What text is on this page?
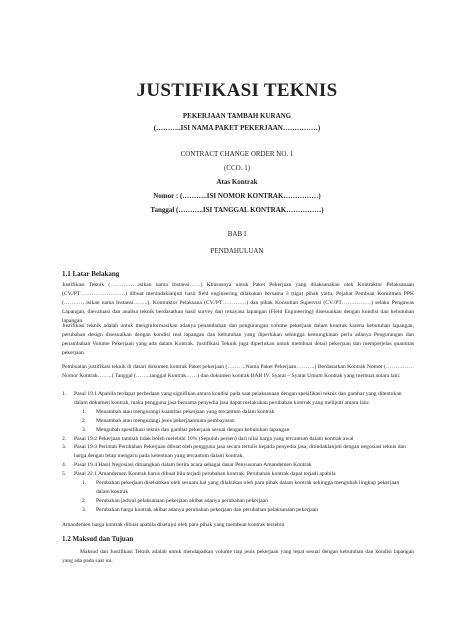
JUSTIFIKASI TEKNIS
PEKERJAAN TAMBAH KURANG
(………..ISI NAMA PAKET PEKERJAAN……………)
CONTRACT CHANGE ORDER NO. 1
(CCO. 1)
Atas Kontrak
Nomor : (………..ISI NOMOR KONTRAK……………)
Tanggal (………..ISI TANGGAL KONTRAK……………)
BAB I
PENDAHULUAN
1.1 Latar Belakang
Justifikasi Teknik (……………isikan nama Instansi……) Khususnya untuk Paket Pekerjaan yang dilaksanakan oleh Kontraktor Pelaksanaan (CV./PT……………………) dibuat menindaklanjuti hasil field engineering dilakukan bersama 3 (tiga) pihak yaitu, Pejabat Pembuat Komitmen PPK (…………isikan nama Instansi……..), Kontraktor Pelaksana (CV./PT………….) dan pihak Konsultan Supervisi (CV./PT…………….) selaku Pengawas Lapangan, dievaluasi dan analisa teknik berdasarkan hasil survey dan rekayasa lapangan (Field Engineering) disesuaikan dengan kondisi dan kebutuhan lapangan.
Justifikasi teknik adalah untuk menginformasikan adanya penambahan dan pengurangan volume pekerjaan dalam kontrak karena kebutuhan lapangan, perubahan design disesuaikan dengan kondisi real lapangan dan kebutuhan yang diperlukan sehingga kemungkinan perlu adanya Pengurangan dan penambahan Volume Pekerjaan yang ada dalam Kontrak. Justifikasi Teknik juga diperlukan untuk membuat detail pekerjaan dan memperjelas quantitas pekerjaan.
Pembuatan justifikasi teknik di dasari dokumen kontrak Paket pekerjaan (……….Nama Paket Pekerjaan……….) Berdasarkan Kontrak Nomor (……………Nomor Kontrak……..) Tanggal (……..tanggal Kontrak……) dan dokumen kontrak BAB IV. Syarat – Syarat Umum Kontrak yang memuat antara lain:
1.	Pasal 19.1 Apabila terdapat perbedaan yang signifikan antara kondisi pada saat pelaksanaan dengan spesifikasi teknis dan gambar yang ditentukan dalam dokumen kontrak, maka pengguna jasa bersama penyedia jasa dapat melakukan perubahan kontrak yang meliputi antara lain:
1.	Menambah atau mengurangi kuantitas pekerjaan yang tercantum dalam kontrak
2.	Menambah atau mengurangi jenis pekerjaanmata pembayaran
3.	Mengubah spesifikasi teknis dan gambar pekerjaan sesuai dengan kebutuhan lapangan
2.	Pasal 19.2 Pekerjaan tambah tidak boleh melebihi 10% (Sepuluh persen) dari nilai harga yang tercantum dalam kontrak awal
3.	Pasal 19.3 Perintah Perubahan Pekerjaan dibuat oleh pengguna jasa secara tertulis kepada penyedia jasa, ditindaklanjuti dengan negosiasi teknis dan harga dengan tetap mengacu pada ketentuan yang tercantum dalam kontrak.
4.	Pasal 19.4 Hasil Negosiasi dituangkan dalam berita acara sebagai dasar Penyusunan Amandemen Kontrak
5.	Pasal 22.1 Amandemen Kontrak harus dibuat bila terjadi perubahan kontrak. Perubahan kontrak dapat terjadi apabila
1.	Perubahan pekerjaan disebabkan oleh sesuatu hal yang dilakukan oleh para pihak dalam kontrak sehingga mengubah lingkup pekerjaan dalam kontrak
2.	Perubahan jadwal pelaksanaan pekerjaan akibat adanya perubahan pekerjaan
3.	Perubahan harga kontrak akibat adanya perubahan pekerjaan dan perubahan pelaksanaan pekerjaan
Amandemen harga kontrak dibuat apabila disetujui oleh para pihak yang membuat kontrak tersebut
1.2 Maksud dan Tujuan
Maksud dan Justifikasi Teknik adalah untuk mendapatkan volume tiap jenis pekerjaan yang tepat sesuai dengan kebutuhan dan kondisi lapangan yang ada pada saat ini.
